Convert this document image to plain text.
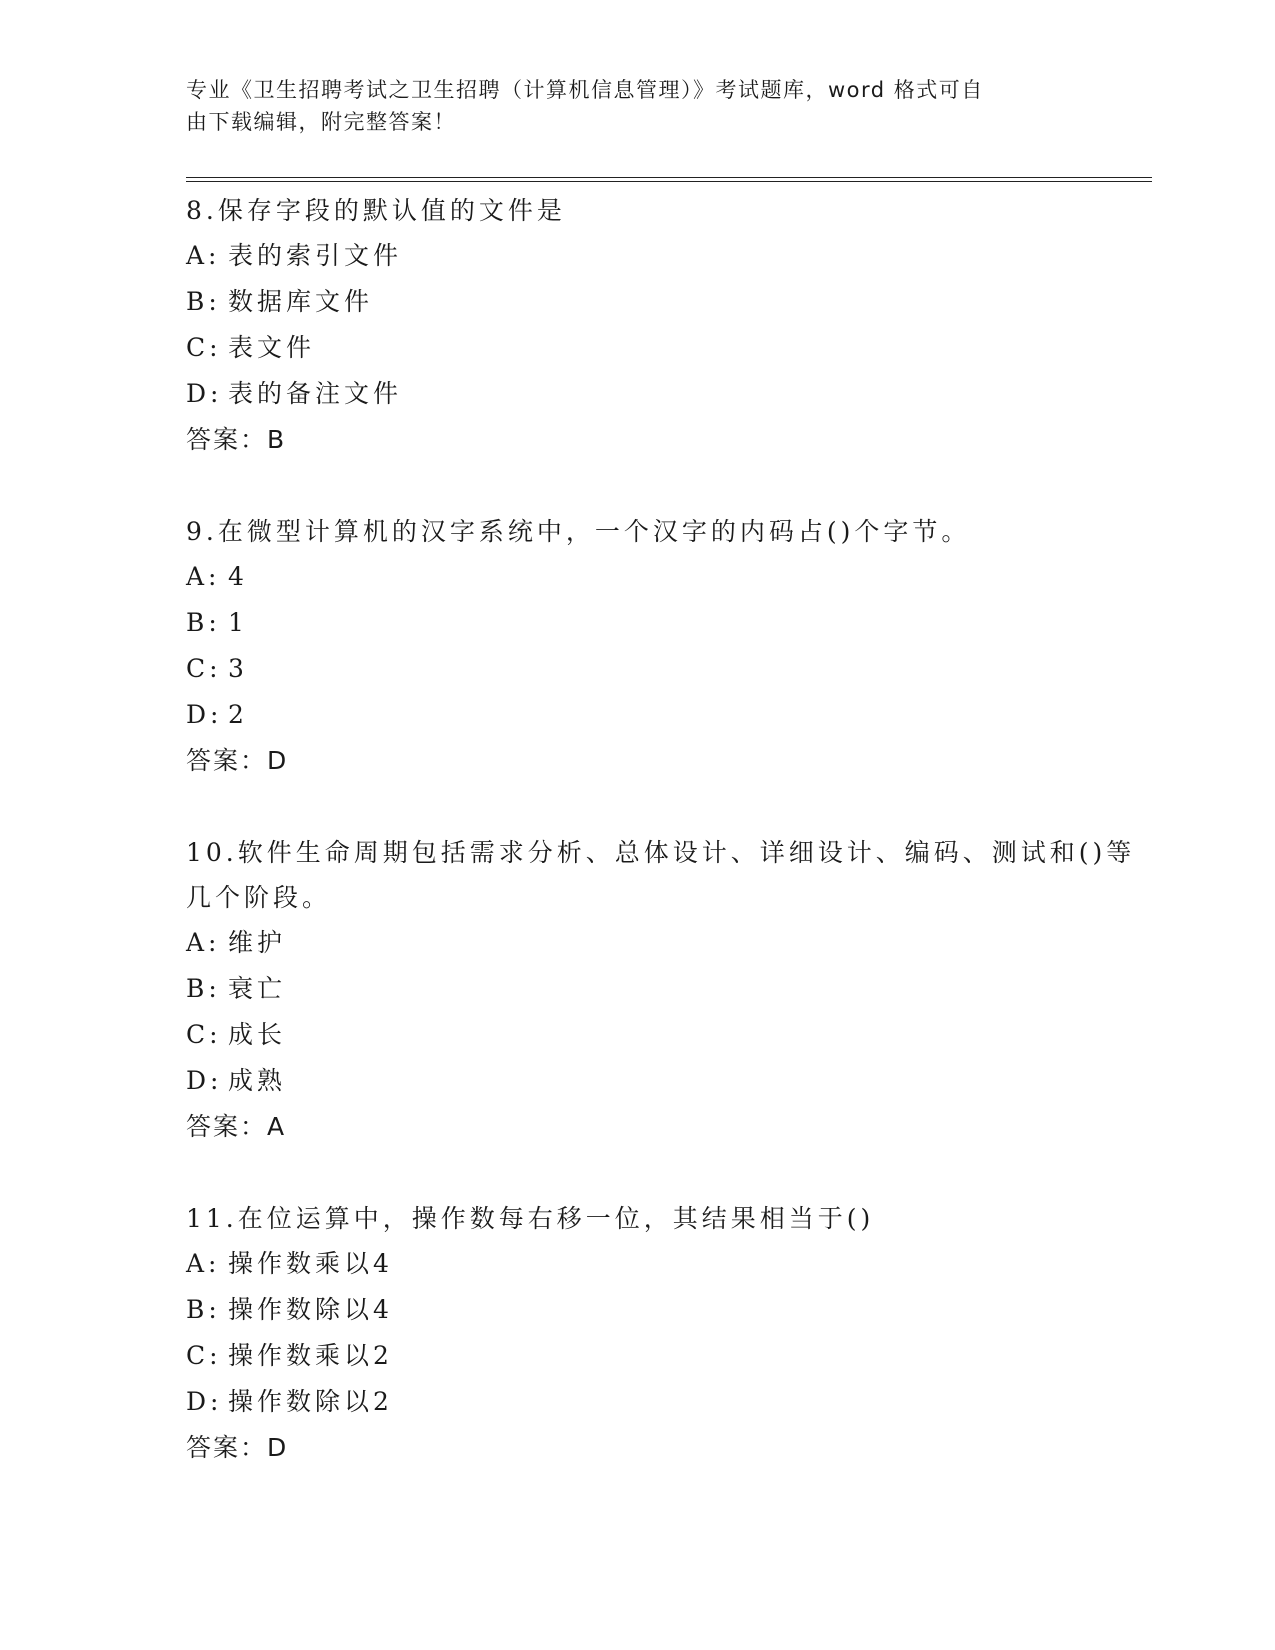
专业《卫生招聘考试之卫生招聘（计算机信息管理）》考试题库，word 格式可自
由下载编辑，附完整答案！
8.保存字段的默认值的文件是
A: 表的索引文件
B: 数据库文件
C: 表文件
D: 表的备注文件
答案：B
9.在微型计算机的汉字系统中，一个汉字的内码占()个字节。
A: 4
B: 1
C: 3
D: 2
答案：D
10.软件生命周期包括需求分析、总体设计、详细设计、编码、测试和()等几个阶段。
A: 维护
B: 衰亡
C: 成长
D: 成熟
答案：A
11.在位运算中，操作数每右移一位，其结果相当于()
A: 操作数乘以4
B: 操作数除以4
C: 操作数乘以2
D: 操作数除以2
答案：D
